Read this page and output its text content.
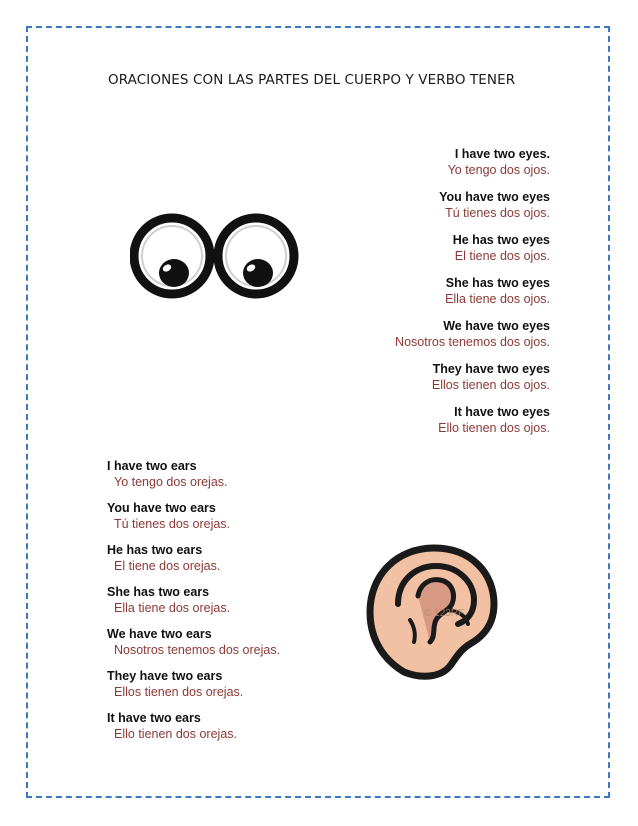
ORACIONES CON LAS PARTES DEL CUERPO Y VERBO TENER
I have two eyes.
Yo tengo dos ojos.
You have two eyes
Tú tienes dos ojos.
He has two eyes
El tiene dos ojos.
She has two eyes
Ella tiene dos ojos.
We have two eyes
Nosotros tenemos dos ojos.
They have two eyes
Ellos tienen dos ojos.
It have two eyes
Ello tienen dos ojos.
I have two ears
Yo tengo dos orejas.
You have two ears
Tú tienes dos orejas.
He has two ears
El tiene dos orejas.
She has two ears
Ella tiene dos orejas.
We have two ears
Nosotros tenemos dos orejas.
They have two ears
Ellos tienen dos orejas.
It have two ears
Ello tienen dos orejas.
© 123RF
